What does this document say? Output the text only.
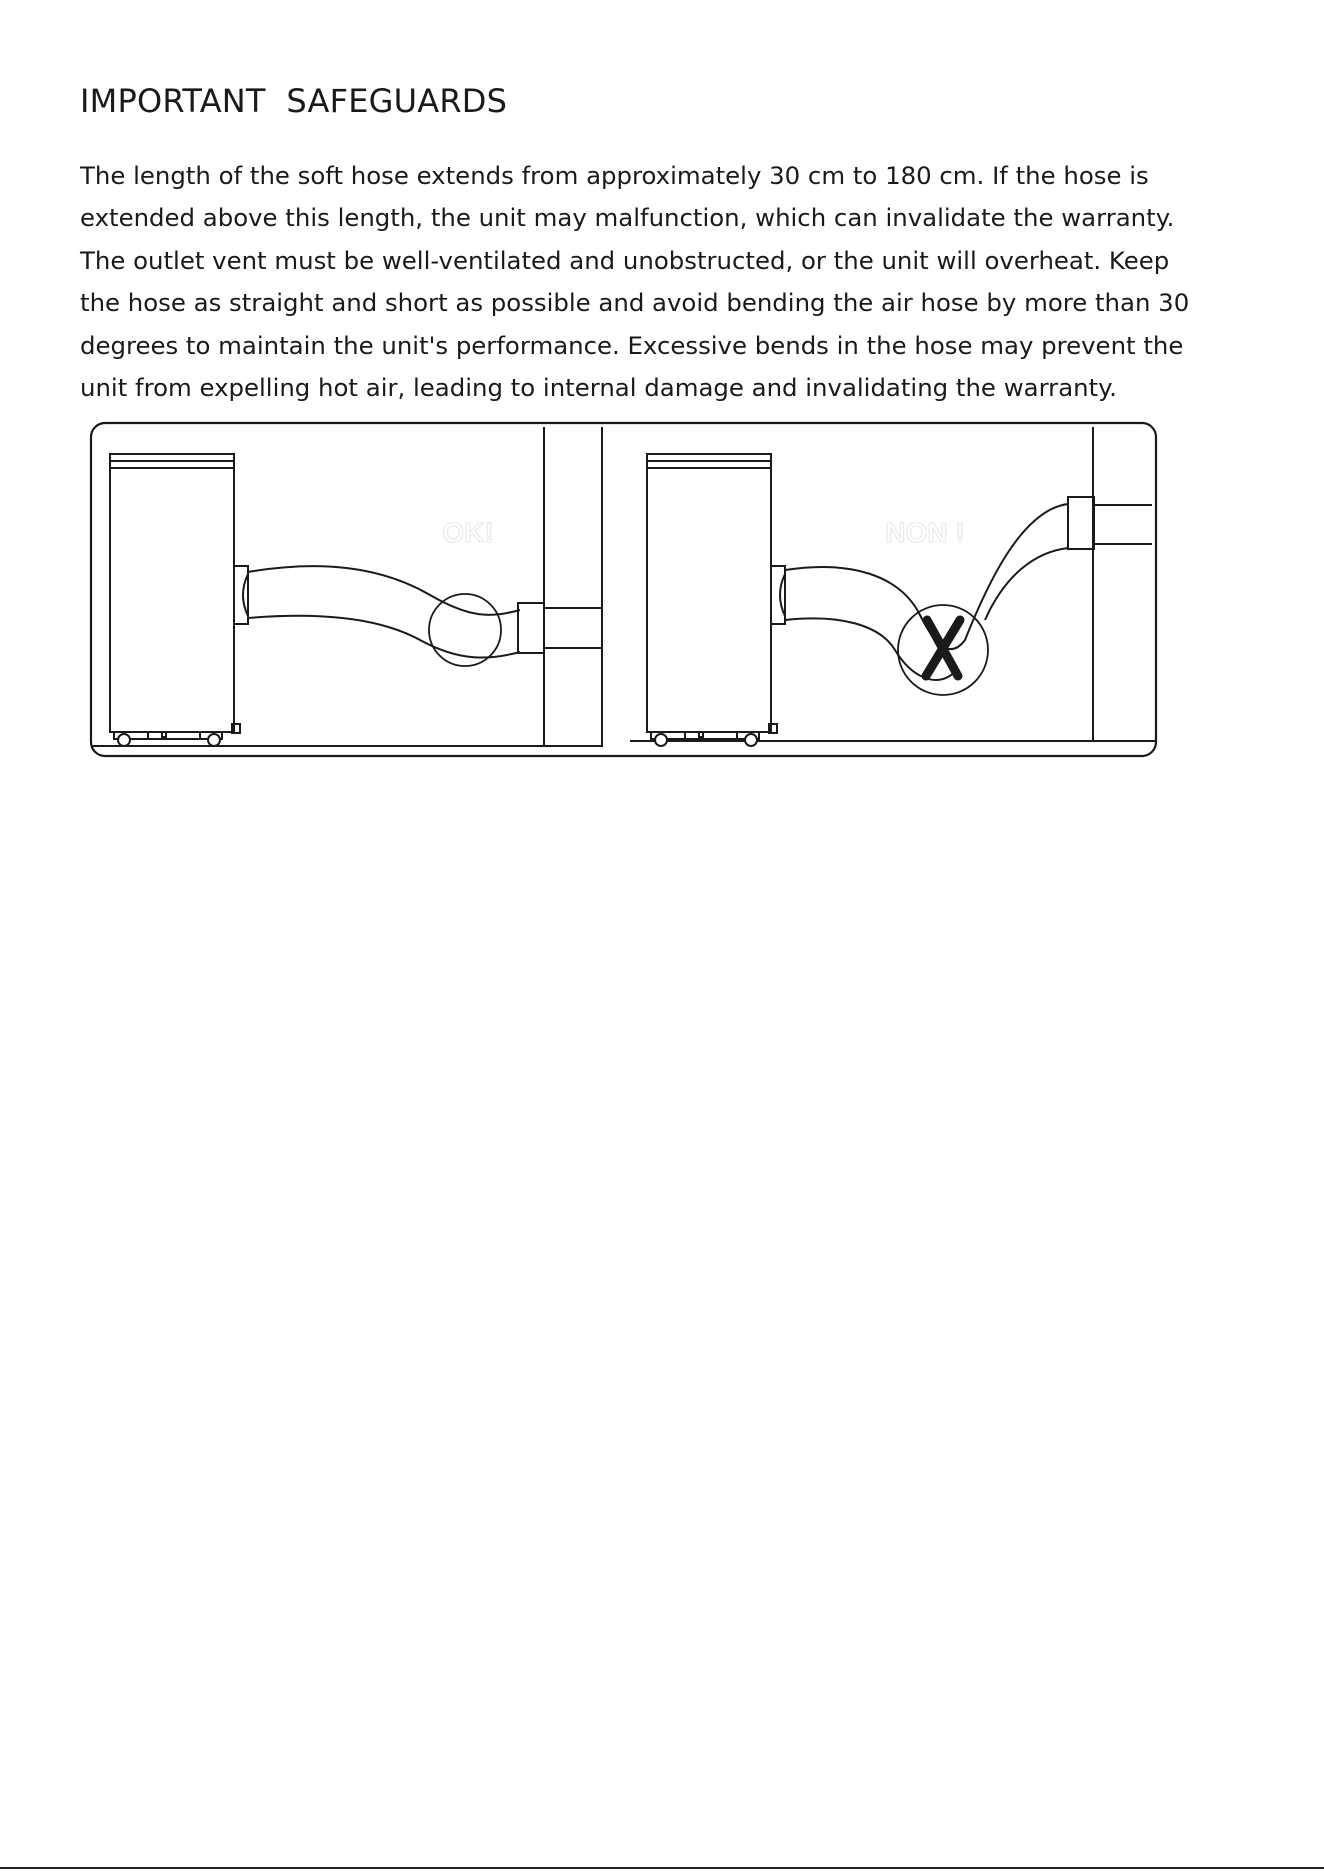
IMPORTANT  SAFEGUARDS

The length of the soft hose extends from approximately 30 cm to 180 cm. If the hose is
extended above this length, the unit may malfunction, which can invalidate the warranty.
The outlet vent must be well-ventilated and unobstructed, or the unit will overheat. Keep
the hose as straight and short as possible and avoid bending the air hose by more than 30
degrees to maintain the unit's performance. Excessive bends in the hose may prevent the
unit from expelling hot air, leading to internal damage and invalidating the warranty.

OK!	NON !
